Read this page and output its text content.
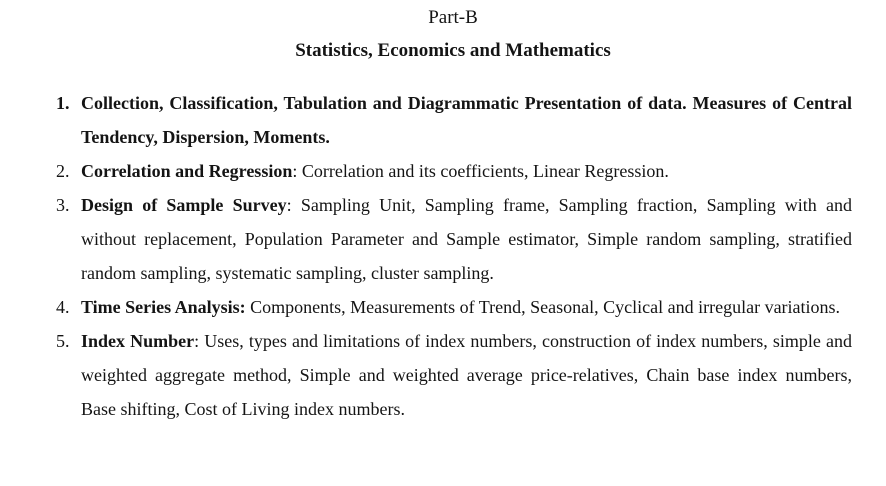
Part-B
Statistics, Economics and Mathematics
1. Collection, Classification, Tabulation and Diagrammatic Presentation of data. Measures of Central Tendency, Dispersion, Moments.
2. Correlation and Regression: Correlation and its coefficients, Linear Regression.
3. Design of Sample Survey: Sampling Unit, Sampling frame, Sampling fraction, Sampling with and without replacement, Population Parameter and Sample estimator, Simple random sampling, stratified random sampling, systematic sampling, cluster sampling.
4. Time Series Analysis: Components, Measurements of Trend, Seasonal, Cyclical and irregular variations.
5. Index Number: Uses, types and limitations of index numbers, construction of index numbers, simple and weighted aggregate method, Simple and weighted average price-relatives, Chain base index numbers, Base shifting, Cost of Living index numbers.
